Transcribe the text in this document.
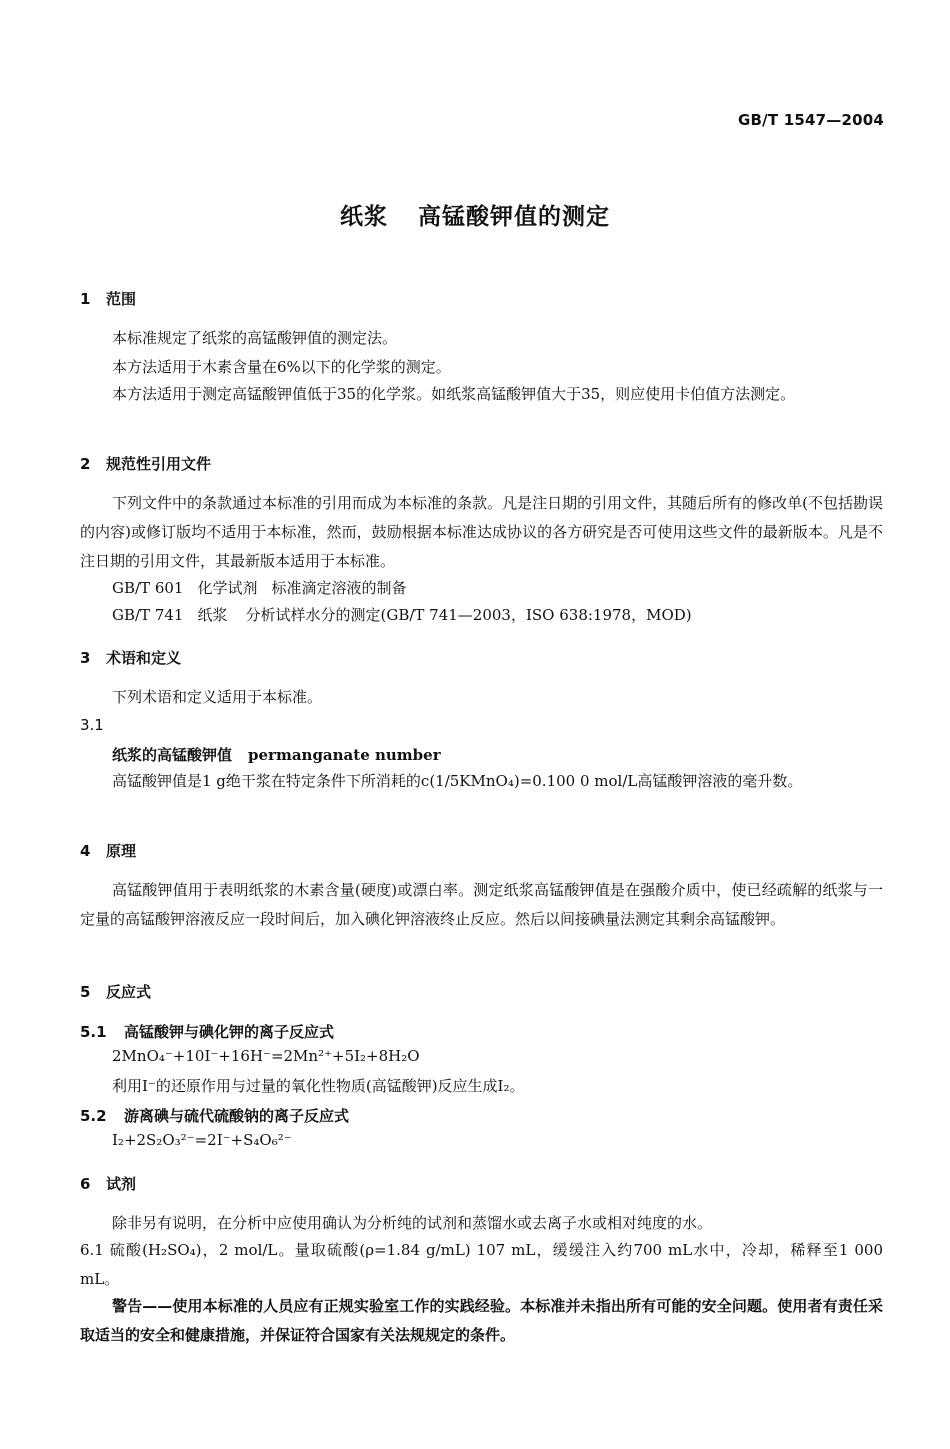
GB/T 1547—2004
纸浆 高锰酸钾值的测定
1 范围

本标准规定了纸浆的高锰酸钾值的测定法。

本方法适用于木素含量在6%以下的化学浆的测定。

本方法适用于测定高锰酸钾值低于35的化学浆。如纸浆高锰酸钾值大于35，则应使用卡伯值方法测定。

2 规范性引用文件

下列文件中的条款通过本标准的引用而成为本标准的条款。凡是注日期的引用文件，其随后所有的修改单(不包括勘误的内容)或修订版均不适用于本标准，然而，鼓励根据本标准达成协议的各方研究是否可使用这些文件的最新版本。凡是不注日期的引用文件，其最新版本适用于本标准。

GB/T 601 化学试剂 标准滴定溶液的制备
GB/T 741 纸浆 分析试样水分的测定(GB/T 741—2003，ISO 638:1978，MOD)
3 术语和定义

下列术语和定义适用于本标准。

3.1
纸浆的高锰酸钾值 permanganate number

高锰酸钾值是1 g绝干浆在特定条件下所消耗的c(1/5KMnO₄)=0.100 0 mol/L高锰酸钾溶液的毫升数。

4 原理

高锰酸钾值用于表明纸浆的木素含量(硬度)或漂白率。测定纸浆高锰酸钾值是在强酸介质中，使已经疏解的纸浆与一定量的高锰酸钾溶液反应一段时间后，加入碘化钾溶液终止反应。然后以间接碘量法测定其剩余高锰酸钾。

5 反应式
5.1 高锰酸钾与碘化钾的离子反应式
2MnO₄⁻+10I⁻+16H⁻=2Mn²⁺+5I₂+8H₂O
利用I⁻的还原作用与过量的氧化性物质(高锰酸钾)反应生成I₂。
5.2 游离碘与硫代硫酸钠的离子反应式
I₂+2S₂O₃²⁻=2I⁻+S₄O₆²⁻
6 试剂

除非另有说明，在分析中应使用确认为分析纯的试剂和蒸馏水或去离子水或相对纯度的水。

6.1 硫酸(H₂SO₄)，2 mol/L。量取硫酸(ρ=1.84 g/mL) 107 mL，缓缓注入约700 mL水中，冷却，稀释至1 000 mL。

警告——使用本标准的人员应有正规实验室工作的实践经验。本标准并未指出所有可能的安全问题。使用者有责任采取适当的安全和健康措施，并保证符合国家有关法规规定的条件。
